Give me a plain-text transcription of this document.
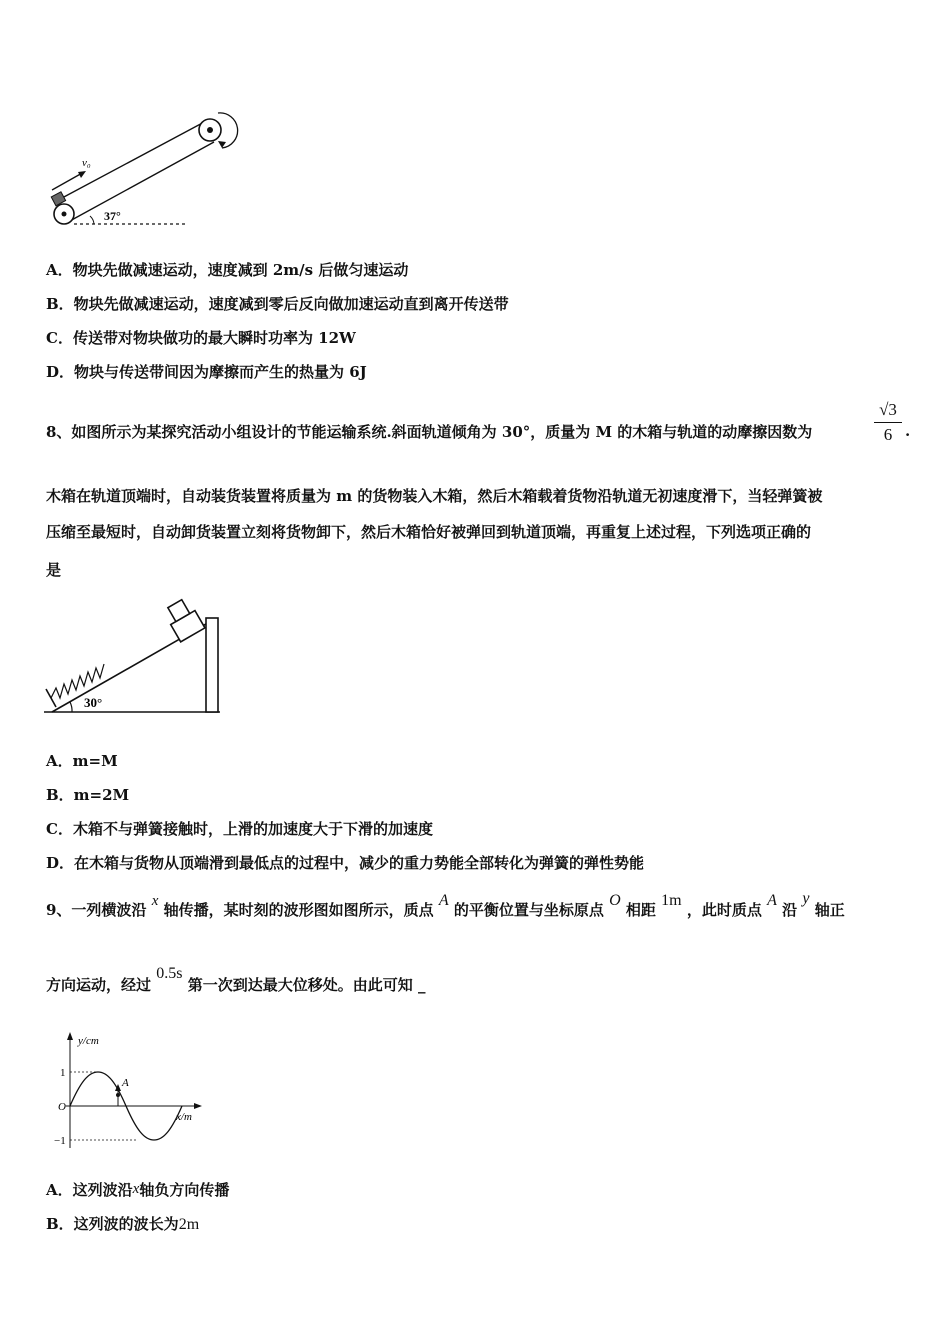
v₀
37°
A．物块先做减速运动，速度减到 2m/s 后做匀速运动
B．物块先做减速运动，速度减到零后反向做加速运动直到离开传送带
C．传送带对物块做功的最大瞬时功率为 12W
D．物块与传送带间因为摩擦而产生的热量为 6J
8、如图所示为某探究活动小组设计的节能运输系统.斜面轨道倾角为 30°，质量为 M 的木箱与轨道的动摩擦因数为	$\frac{√3}{6}$ .
木箱在轨道顶端时，自动装货装置将质量为 m 的货物装入木箱，然后木箱载着货物沿轨道无初速度滑下，当轻弹簧被
压缩至最短时，自动卸货装置立刻将货物卸下，然后木箱恰好被弹回到轨道顶端，再重复上述过程，下列选项正确的
是
30°
A．m=M
B．m=2M
C．木箱不与弹簧接触时，上滑的加速度大于下滑的加速度
D．在木箱与货物从顶端滑到最低点的过程中，减少的重力势能全部转化为弹簧的弹性势能
9、一列横波沿 x 轴传播，某时刻的波形图如图所示，质点 A 的平衡位置与坐标原点 O 相距 1m ，此时质点 A 沿 y 轴正
方向运动，经过 0.5s 第一次到达最大位移处。由此可知 _
y/cm
x/m
1
−1
O
A
A．这列波沿x轴负方向传播
B．这列波的波长为2m
